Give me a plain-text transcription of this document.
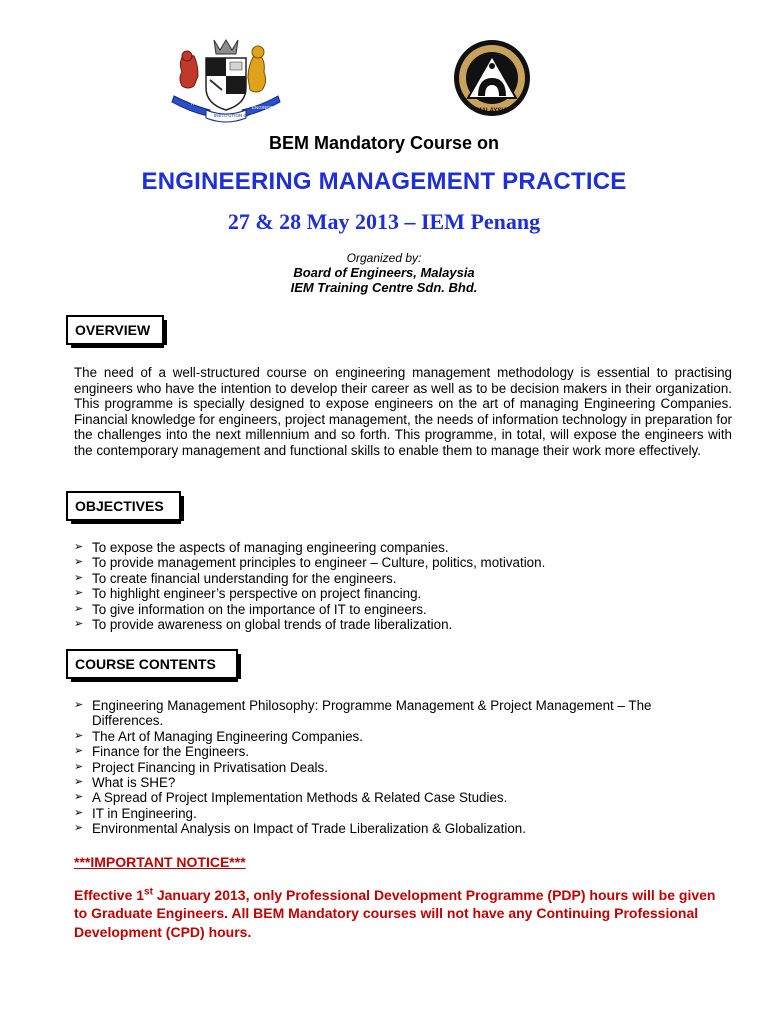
THE
INSTITUTION OF
ENGINEERS
MALAYSIA
BEM Mandatory Course on
ENGINEERING MANAGEMENT PRACTICE
27 & 28 May 2013 – IEM Penang
Organized by:
Board of Engineers, Malaysia
IEM Training Centre Sdn. Bhd.
OVERVIEW
The need of a well-structured course on engineering management methodology is essential to practising engineers who have the intention to develop their career as well as to be decision makers in their organization. This programme is specially designed to expose engineers on the art of managing Engineering Companies. Financial knowledge for engineers, project management, the needs of information technology in preparation for the challenges into the next millennium and so forth. This programme, in total, will expose the engineers with the contemporary management and functional skills to enable them to manage their work more effectively.
OBJECTIVES
➢ To expose the aspects of managing engineering companies.
➢ To provide management principles to engineer – Culture, politics, motivation.
➢ To create financial understanding for the engineers.
➢ To highlight engineer’s perspective on project financing.
➢ To give information on the importance of IT to engineers.
➢ To provide awareness on global trends of trade liberalization.
COURSE CONTENTS
➢ Engineering Management Philosophy: Programme Management & Project Management – The Differences.
➢ The Art of Managing Engineering Companies.
➢ Finance for the Engineers.
➢ Project Financing in Privatisation Deals.
➢ What is SHE?
➢ A Spread of Project Implementation Methods & Related Case Studies.
➢ IT in Engineering.
➢ Environmental Analysis on Impact of Trade Liberalization & Globalization.
***IMPORTANT NOTICE***
Effective 1st January 2013, only Professional Development Programme (PDP) hours will be given to Graduate Engineers. All BEM Mandatory courses will not have any Continuing Professional Development (CPD) hours.
